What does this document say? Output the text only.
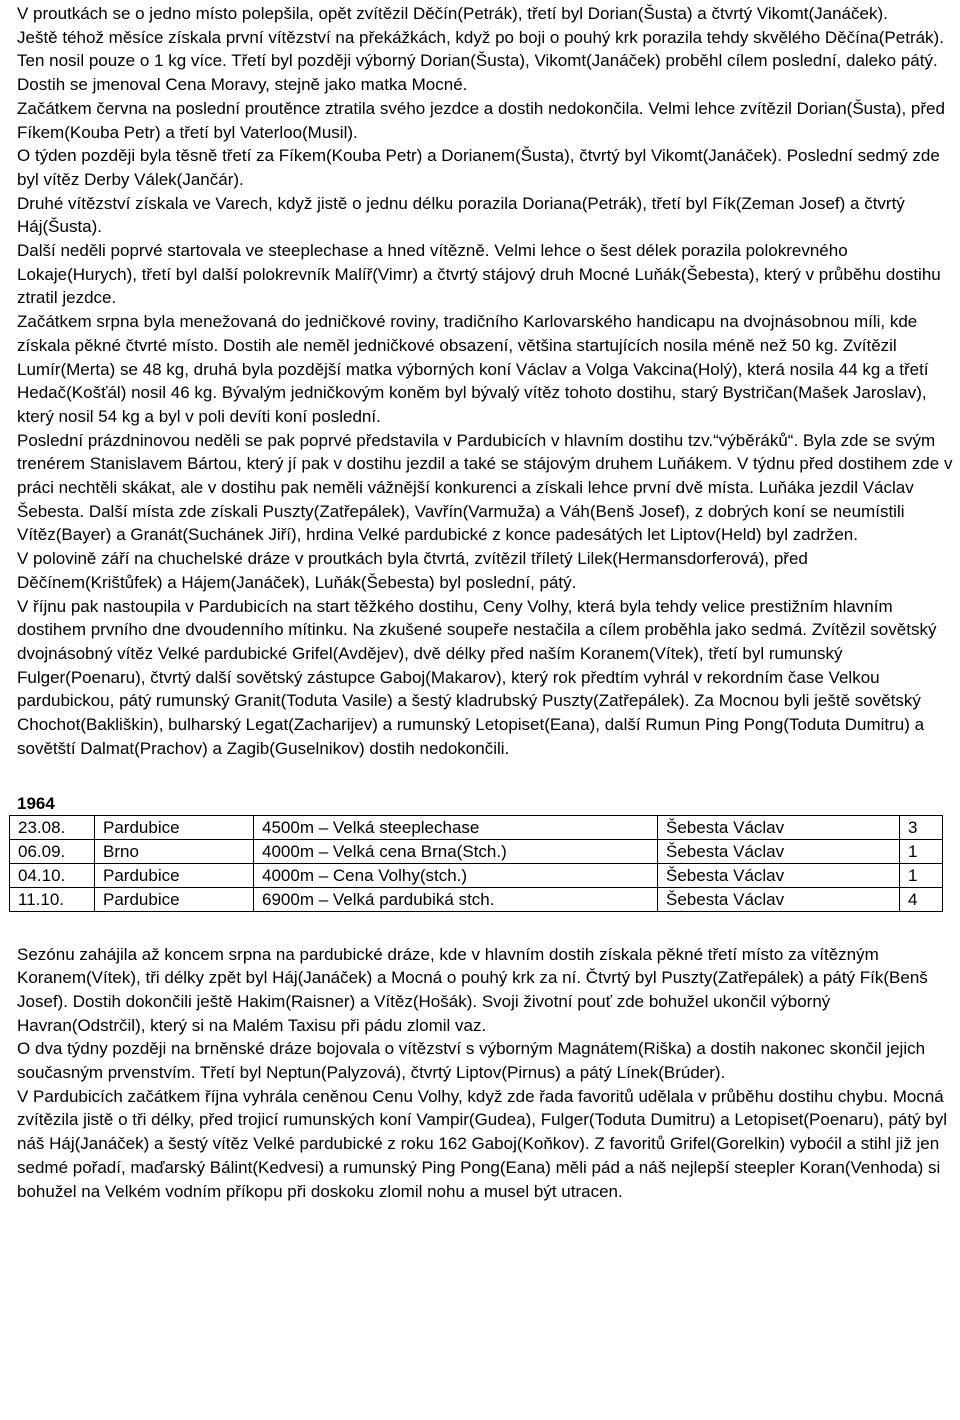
V proutkách se o jedno místo polepšila, opět zvítězil Děčín(Petrák), třetí byl Dorian(Šusta) a čtvrtý Vikomt(Janáček).

Ještě téhož měsíce získala první vítězství na překážkách, když po boji o pouhý krk porazila tehdy skvělého Děčína(Petrák). Ten nosil pouze o 1 kg více. Třetí byl později výborný Dorian(Šusta), Vikomt(Janáček) proběhl cílem poslední, daleko pátý. Dostih se jmenoval Cena Moravy, stejně jako matka Mocné.

Začátkem června na poslední proutěnce ztratila svého jezdce a dostih nedokončila. Velmi lehce zvítězil Dorian(Šusta), před Fíkem(Kouba Petr) a třetí byl Vaterloo(Musil).

O týden později byla těsně třetí za Fíkem(Kouba Petr) a Dorianem(Šusta), čtvrtý byl Vikomt(Janáček). Poslední sedmý zde byl vítěz Derby Válek(Jančár).

Druhé vítězství získala ve Varech, když jistě o jednu délku porazila Doriana(Petrák), třetí byl Fík(Zeman Josef) a čtvrtý Háj(Šusta).

Další neděli poprvé startovala ve steeplechase a hned vítězně. Velmi lehce o šest délek porazila polokrevného Lokaje(Hurych), třetí byl další polokrevník Malíř(Vimr) a čtvrtý stájový druh Mocné Luňák(Šebesta), který v průběhu dostihu ztratil jezdce.

Začátkem srpna byla menežovaná do jedničkové roviny, tradičního Karlovarského handicapu na dvojnásobnou míli, kde získala pěkné čtvrté místo. Dostih ale neměl jedničkové obsazení, většina startujících nosila méně než 50 kg. Zvítězil Lumír(Merta) se 48 kg, druhá byla pozdější matka výborných koní Václav a Volga Vakcina(Holý), která nosila 44 kg a třetí Hedač(Košťál) nosil 46 kg. Bývalým jedničkovým koněm byl bývalý vítěz tohoto dostihu, starý Bystričan(Mašek Jaroslav), který nosil 54 kg a byl v poli devíti koní poslední.

Poslední prázdninovou neděli se pak poprvé představila v Pardubicích v hlavním dostihu tzv.“výběráků“. Byla zde se svým trenérem Stanislavem Bártou, který jí pak v dostihu jezdil a také se stájovým druhem Luňákem. V týdnu před dostihem zde v práci nechtěli skákat, ale v dostihu pak neměli vážnější konkurenci a získali lehce první dvě místa. Luňáka jezdil Václav Šebesta. Další místa zde získali Puszty(Zatřepálek), Vavřín(Varmuža) a Váh(Benš Josef), z dobrých koní se neumístili Vítěz(Bayer) a Granát(Suchánek Jiří), hrdina Velké pardubické z konce padesátých let Liptov(Held) byl zadržen.

V polovině září na chuchelské dráze v proutkách byla čtvrtá, zvítězil tříletý Lilek(Hermansdorferová), před Děčínem(Krištůfek) a Hájem(Janáček), Luňák(Šebesta) byl poslední, pátý.

V říjnu pak nastoupila v Pardubicích na start těžkého dostihu, Ceny Volhy, která byla tehdy velice prestižním hlavním dostihem prvního dne dvoudenního mítinku. Na zkušené soupeře nestačila a cílem proběhla jako sedmá. Zvítězil sovětský dvojnásobný vítěz Velké pardubické Grifel(Avdějev), dvě délky před naším Koranem(Vítek), třetí byl rumunský Fulger(Poenaru), čtvrtý další sovětský zástupce Gaboj(Makarov), který rok předtím vyhrál v rekordním čase Velkou pardubickou, pátý rumunský Granit(Toduta Vasile) a šestý kladrubský Puszty(Zatřepálek). Za Mocnou byli ještě sovětský Chochot(Bakliškin), bulharský Legat(Zacharijev) a rumunský Letopiset(Eana), další Rumun Ping Pong(Toduta Dumitru) a sovětští Dalmat(Prachov) a Zagib(Guselnikov) dostih nedokončili.

1964

23.08.	Pardubice	4500m – Velká steeplechase	Šebesta Václav	3
06.09.	Brno	4000m – Velká cena Brna(Stch.)	Šebesta Václav	1
04.10.	Pardubice	4000m – Cena Volhy(stch.)	Šebesta Václav	1
11.10.	Pardubice	6900m – Velká pardubiká stch.	Šebesta Václav	4

Sezónu zahájila až koncem srpna na pardubické dráze, kde v hlavním dostih získala pěkné třetí místo za vítězným Koranem(Vítek), tři délky zpět byl Háj(Janáček) a Mocná o pouhý krk za ní. Čtvrtý byl Puszty(Zatřepálek) a pátý Fík(Benš Josef). Dostih dokončili ještě Hakim(Raisner) a Vítěz(Hošák). Svoji životní pouť zde bohužel ukončil výborný Havran(Odstrčil), který si na Malém Taxisu při pádu zlomil vaz.

O dva týdny později na brněnské dráze bojovala o vítězství s výborným Magnátem(Riška) a dostih nakonec skončil jejich současným prvenstvím. Třetí byl Neptun(Palyzová), čtvrtý Liptov(Pirnus) a pátý Línek(Brúder).

V Pardubicích začátkem října vyhrála ceněnou Cenu Volhy, když zde řada favoritů udělala v průběhu dostihu chybu. Mocná zvítězila jistě o tři délky, před trojicí rumunských koní Vampir(Gudea), Fulger(Toduta Dumitru) a Letopiset(Poenaru), pátý byl náš Háj(Janáček) a šestý vítěz Velké pardubické z roku 162 Gaboj(Koňkov). Z favoritů Grifel(Gorelkin) vyboćil a stihl již jen sedmé pořadí, maďarský Bálint(Kedvesi) a rumunský Ping Pong(Eana) měli pád a náš nejlepší steepler Koran(Venhoda) si bohužel na Velkém vodním příkopu při doskoku zlomil nohu a musel být utracen.
